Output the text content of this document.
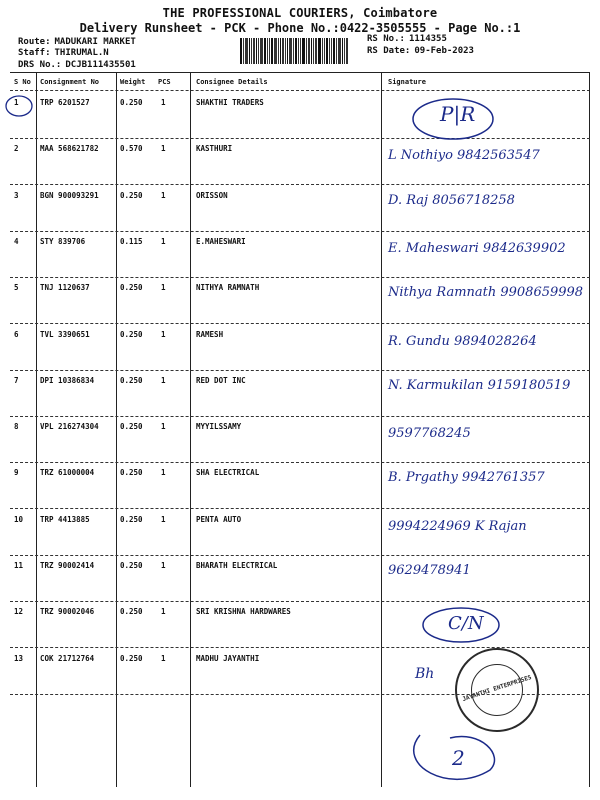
THE PROFESSIONAL COURIERS, Coimbatore
Delivery Runsheet - PCK - Phone No.:0422-3505555 - Page No.:1
Route: MADUKARI MARKET
Staff: THIRUMAL.N
DRS No.: DCJB111435501
RS No.: 1114355
RS Date: 09-Feb-2023
S No Consignment No	Weight PCS	Consignee Details	Signature
1	TRP 6201527	0.250 1	SHAKTHI TRADERS	P|R
2	MAA 568621782	0.570 1	KASTHURI	L Nothiyo 9842563547
3	BGN 900093291	0.250 1	ORISSON	D. Raj 8056718258
4	STY 839706	0.115 1	E.MAHESWARI	E. Maheswari 9842639902
5	TNJ 1120637	0.250 1	NITHYA RAMNATH	Nithya Ramnath 9908659998
6	TVL 3390651	0.250 1	RAMESH	R. Gundu 9894028264
7	DPI 10386834	0.250 1	RED DOT INC	N. Karmukilan 9159180519
8	VPL 216274304	0.250 1	MYYILSSAMY	9597768245
9	TRZ 61000004	0.250 1	SHA ELECTRICAL	B. Prgathy 9942761357
10 TRP 4413885	0.250 1	PENTA AUTO	9994224969 K Rajan
11 TRZ 90002414	0.250 1	BHARATH ELECTRICAL	9629478941
12 TRZ 90002046	0.250 1	SRI KRISHNA HARDWARES
C/N
13 COK 21712764	0.250 1	MADHU JAYANTHI
Bh
JAYANTHI ENTERPRISES
2
